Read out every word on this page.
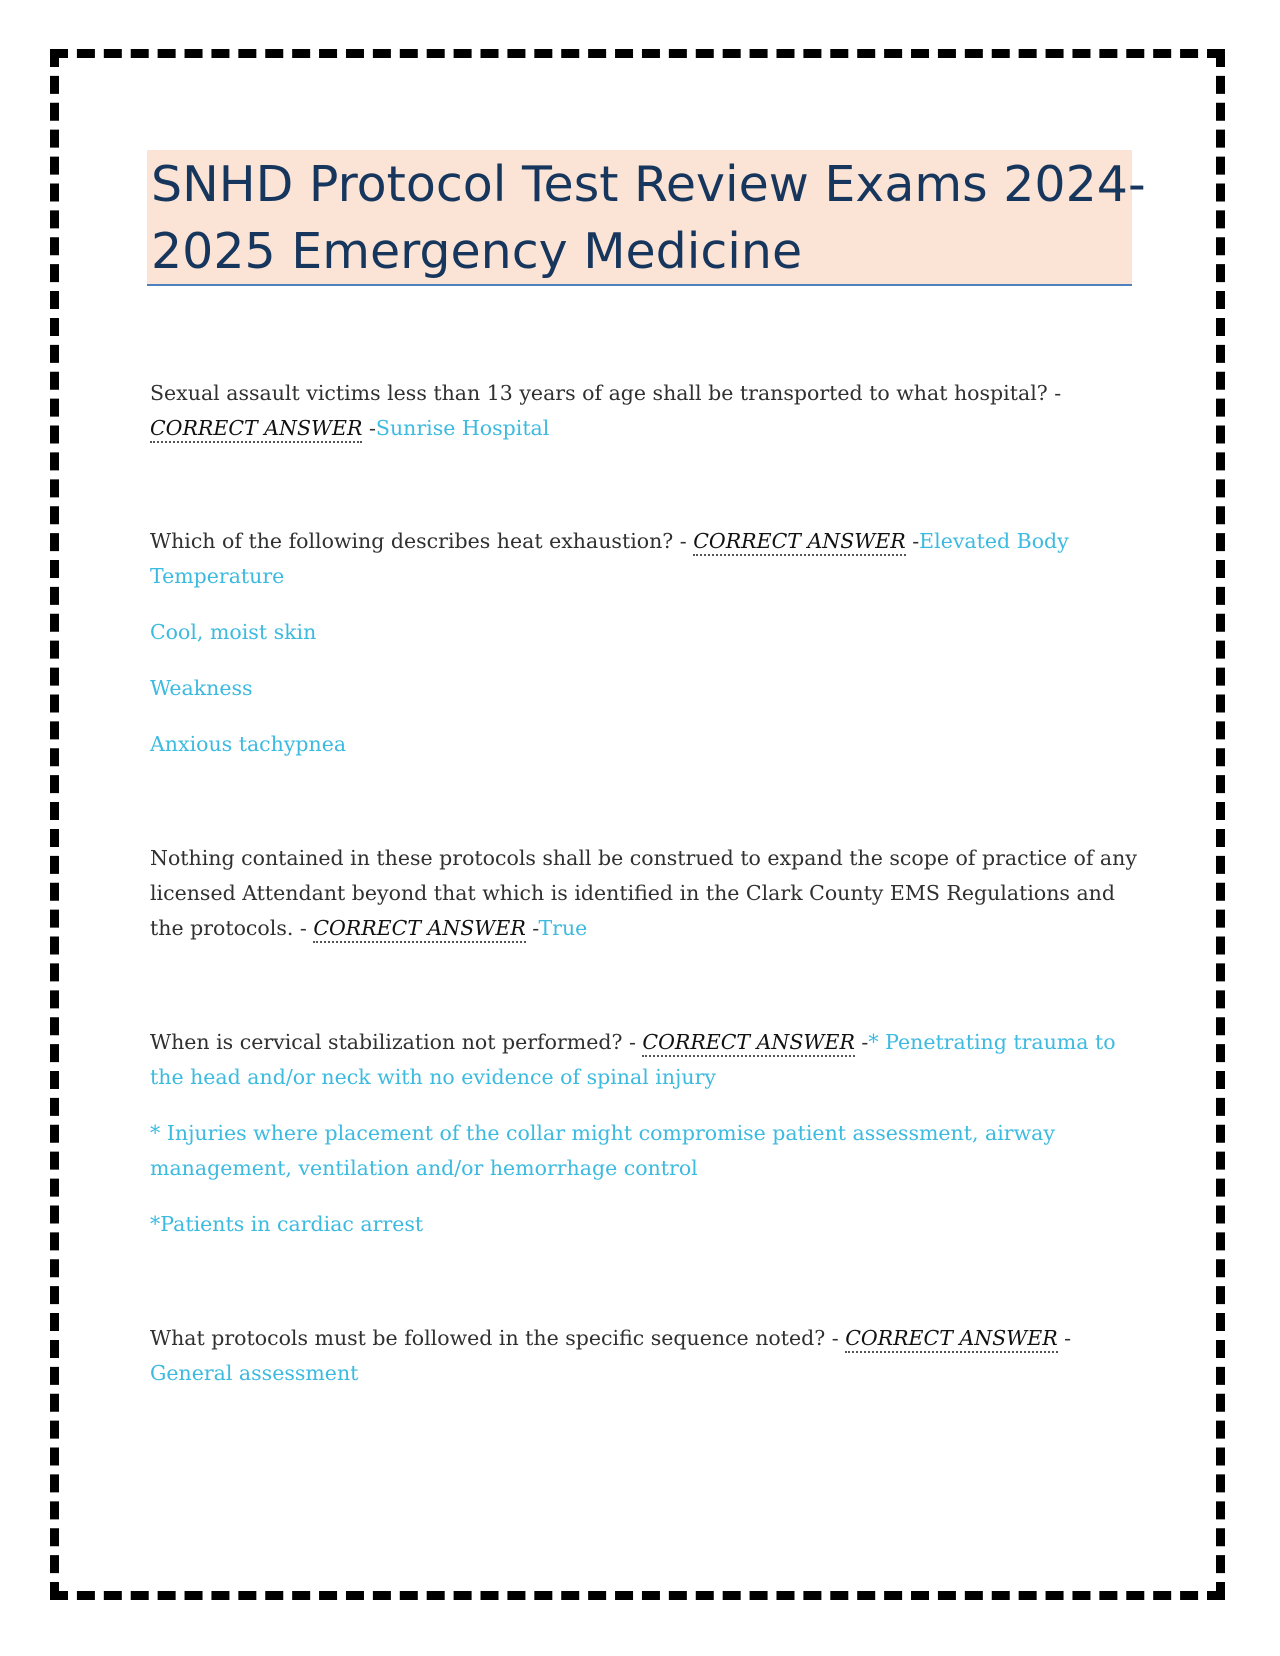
SNHD Protocol Test Review Exams 2024-
2025 Emergency Medicine
Sexual assault victims less than 13 years of age shall be transported to what hospital? -
CORRECT ANSWER -Sunrise Hospital
Which of the following describes heat exhaustion? - CORRECT ANSWER -Elevated Body
Temperature
Cool, moist skin
Weakness
Anxious tachypnea
Nothing contained in these protocols shall be construed to expand the scope of practice of any
licensed Attendant beyond that which is identified in the Clark County EMS Regulations and
the protocols. - CORRECT ANSWER -True
When is cervical stabilization not performed? - CORRECT ANSWER -* Penetrating trauma to
the head and/or neck with no evidence of spinal injury
* Injuries where placement of the collar might compromise patient assessment, airway
management, ventilation and/or hemorrhage control
*Patients in cardiac arrest
What protocols must be followed in the specific sequence noted? - CORRECT ANSWER -
General assessment
